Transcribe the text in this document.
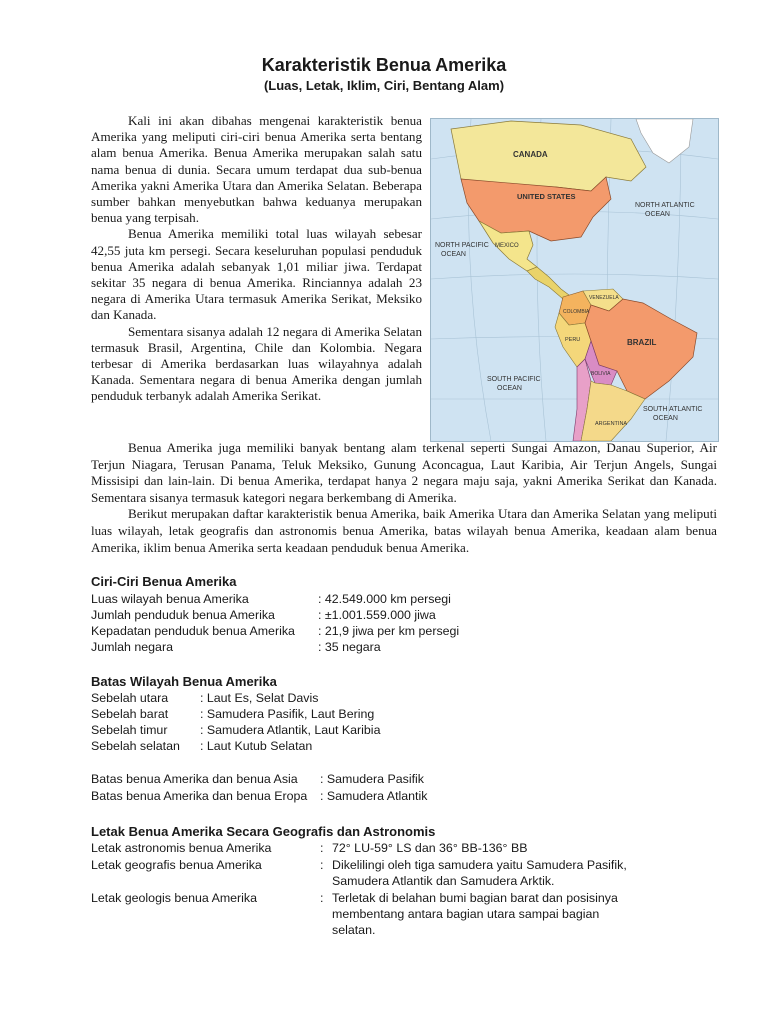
Karakteristik Benua Amerika
(Luas, Letak, Iklim, Ciri, Bentang Alam)

Kali ini akan dibahas mengenai karakteristik benua Amerika yang meliputi ciri-ciri benua Amerika serta bentang alam benua Amerika. Benua Amerika merupakan salah satu nama benua di dunia. Secara umum terdapat dua sub-benua Amerika yakni Amerika Utara dan Amerika Selatan. Beberapa sumber bahkan menyebutkan bahwa keduanya merupakan benua yang terpisah.

Benua Amerika memiliki total luas wilayah sebesar 42,55 juta km persegi. Secara keseluruhan populasi penduduk benua Amerika adalah sebanyak 1,01 miliar jiwa. Terdapat sekitar 35 negara di benua Amerika. Rinciannya adalah 23 negara di Amerika Utara termasuk Amerika Serikat, Meksiko dan Kanada.

Sementara sisanya adalah 12 negara di Amerika Selatan termasuk Brasil, Argentina, Chile dan Kolombia. Negara terbesar di Amerika berdasarkan luas wilayahnya adalah Kanada. Sementara negara di benua Amerika dengan jumlah penduduk terbanyk adalah Amerika Serikat.

CANADA
UNITED STATES
NORTH ATLANTIC
OCEAN
NORTH PACIFIC
OCEAN
MEXICO
VENEZUELA
COLOMBIA
BRAZIL
PERU
BOLIVIA
SOUTH PACIFIC
OCEAN
SOUTH ATLANTIC
OCEAN
ARGENTINA

Benua Amerika juga memiliki banyak bentang alam terkenal seperti Sungai Amazon, Danau Superior, Air Terjun Niagara, Terusan Panama, Teluk Meksiko, Gunung Aconcagua, Laut Karibia, Air Terjun Angels, Sungai Missisipi dan lain-lain. Di benua Amerika, terdapat hanya 2 negara maju saja, yakni Amerika Serikat dan Kanada. Sementara sisanya termasuk kategori negara berkembang di Amerika.

Berikut merupakan daftar karakteristik benua Amerika, baik Amerika Utara dan Amerika Selatan yang meliputi luas wilayah, letak geografis dan astronomis benua Amerika, batas wilayah benua Amerika, keadaan alam benua Amerika, iklim benua Amerika serta keadaan penduduk benua Amerika.

Ciri-Ciri Benua Amerika
Luas wilayah benua Amerika	: 42.549.000 km persegi
Jumlah penduduk benua Amerika	: ±1.001.559.000 jiwa
Kepadatan penduduk benua Amerika : 21,9 jiwa per km persegi
Jumlah negara	: 35 negara
Batas Wilayah Benua Amerika
Sebelah utara	: Laut Es, Selat Davis
Sebelah barat	: Samudera Pasifik, Laut Bering
Sebelah timur	: Samudera Atlantik, Laut Karibia
Sebelah selatan : Laut Kutub Selatan
Batas benua Amerika dan benua Asia : Samudera Pasifik
Batas benua Amerika dan benua Eropa : Samudera Atlantik
Letak Benua Amerika Secara Geografis dan Astronomis
Letak astronomis benua Amerika	: 72° LU-59° LS dan 36° BB-136° BB
Letak geografis benua Amerika	: Dikelilingi oleh tiga samudera yaitu Samudera Pasifik, Samudera Atlantik dan Samudera Arktik.
Letak geologis benua Amerika	: Terletak di belahan bumi bagian barat dan posisinya membentang antara bagian utara sampai bagian selatan.
